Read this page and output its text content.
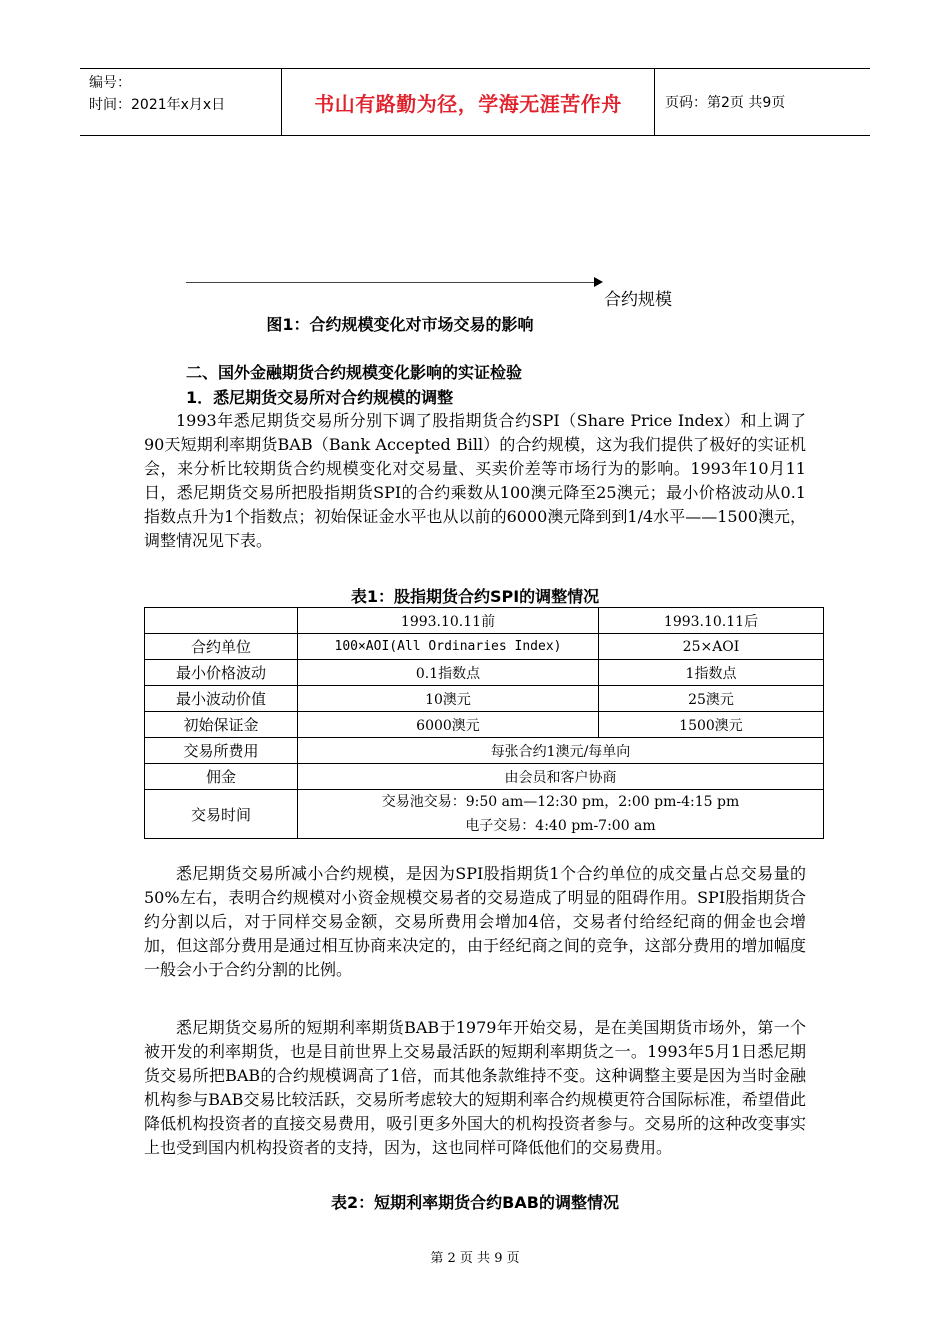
编号：
时间：2021年x月x日	书山有路勤为径，学海无涯苦作舟	页码：第2页 共9页
合约规模
图1：合约规模变化对市场交易的影响
二、国外金融期货合约规模变化影响的实证检验
1．悉尼期货交易所对合约规模的调整
1993年悉尼期货交易所分别下调了股指期货合约SPI（Share Price Index）和上调了90天短期利率期货BAB（Bank Accepted Bill）的合约规模，这为我们提供了极好的实证机会，来分析比较期货合约规模变化对交易量、买卖价差等市场行为的影响。1993年10月11日，悉尼期货交易所把股指期货SPI的合约乘数从100澳元降至25澳元；最小价格波动从0.1指数点升为1个指数点；初始保证金水平也从以前的6000澳元降到到1/4水平——1500澳元，调整情况见下表。
表1：股指期货合约SPI的调整情况
	1993.10.11前	1993.10.11后
合约单位	100×AOI(All Ordinaries Index)	25×AOI
最小价格波动	0.1指数点	1指数点
最小波动价值	10澳元	25澳元
初始保证金	6000澳元	1500澳元
交易所费用	每张合约1澳元/每单向	
佣金	由会员和客户协商	
交易时间	交易池交易：9:50 am—12:30 pm，2:00 pm-4:15 pm
电子交易：4:40 pm-7:00 am	
悉尼期货交易所减小合约规模，是因为SPI股指期货1个合约单位的成交量占总交易量的50%左右，表明合约规模对小资金规模交易者的交易造成了明显的阻碍作用。SPI股指期货合约分割以后，对于同样交易金额，交易所费用会增加4倍，交易者付给经纪商的佣金也会增加，但这部分费用是通过相互协商来决定的，由于经纪商之间的竞争，这部分费用的增加幅度一般会小于合约分割的比例。
悉尼期货交易所的短期利率期货BAB于1979年开始交易，是在美国期货市场外，第一个被开发的利率期货，也是目前世界上交易最活跃的短期利率期货之一。1993年5月1日悉尼期货交易所把BAB的合约规模调高了1倍，而其他条款维持不变。这种调整主要是因为当时金融机构参与BAB交易比较活跃，交易所考虑较大的短期利率合约规模更符合国际标准，希望借此降低机构投资者的直接交易费用，吸引更多外国大的机构投资者参与。交易所的这种改变事实上也受到国内机构投资者的支持，因为，这也同样可降低他们的交易费用。
表2：短期利率期货合约BAB的调整情况
第 2 页 共 9 页
